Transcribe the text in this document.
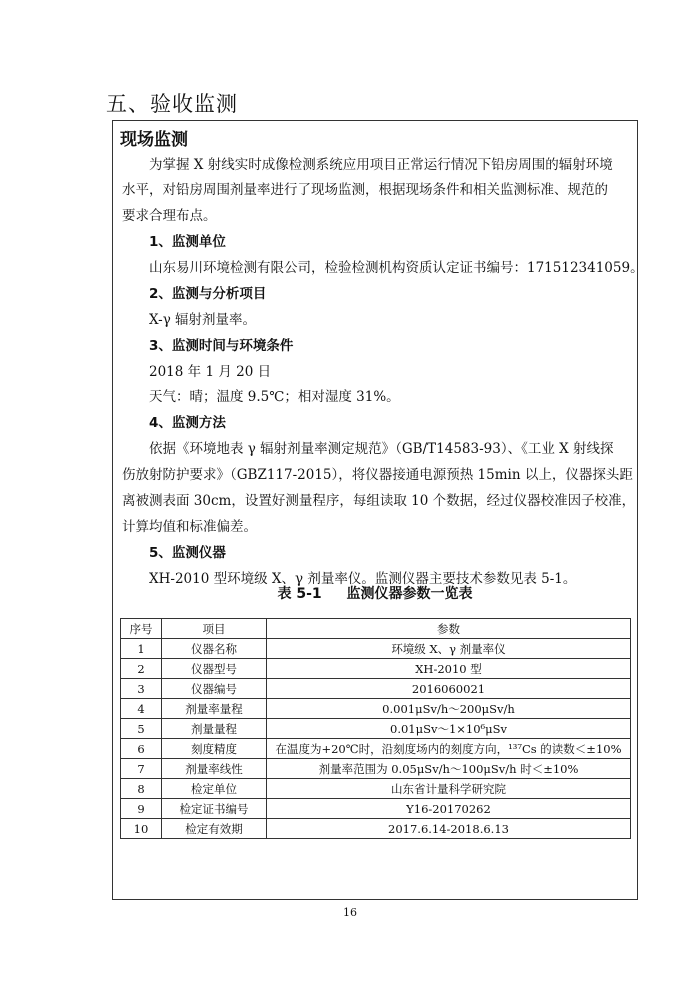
五、验收监测
现场监测
为掌握 X 射线实时成像检测系统应用项目正常运行情况下铅房周围的辐射环境
水平，对铅房周围剂量率进行了现场监测，根据现场条件和相关监测标准、规范的
要求合理布点。
1、监测单位
山东易川环境检测有限公司，检验检测机构资质认定证书编号：171512341059。
2、监测与分析项目
X-γ 辐射剂量率。
3、监测时间与环境条件
2018 年 1 月 20 日
天气：晴；温度 9.5℃；相对湿度 31%。
4、监测方法
依据《环境地表 γ 辐射剂量率测定规范》（GB/T14583-93）、《工业 X 射线探
伤放射防护要求》（GBZ117-2015），将仪器接通电源预热 15min 以上，仪器探头距
离被测表面 30cm，设置好测量程序，每组读取 10 个数据，经过仪器校准因子校准，
计算均值和标准偏差。
5、监测仪器
XH-2010 型环境级 X、γ 剂量率仪。监测仪器主要技术参数见表 5-1。
表 5-1 监测仪器参数一览表
序号	项目	参数
1	仪器名称	环境级 X、γ 剂量率仪
2	仪器型号	XH-2010 型
3	仪器编号	2016060021
4	剂量率量程	0.001μSv/h～200μSv/h
5	剂量量程	0.01μSv～1×10⁶μSv
6	刻度精度	在温度为+20℃时，沿刻度场内的刻度方向，¹³⁷Cs 的读数＜±10%
7	剂量率线性	剂量率范围为 0.05μSv/h～100μSv/h 时＜±10%
8	检定单位	山东省计量科学研究院
9	检定证书编号	Y16-20170262
10	检定有效期	2017.6.14-2018.6.13
16
